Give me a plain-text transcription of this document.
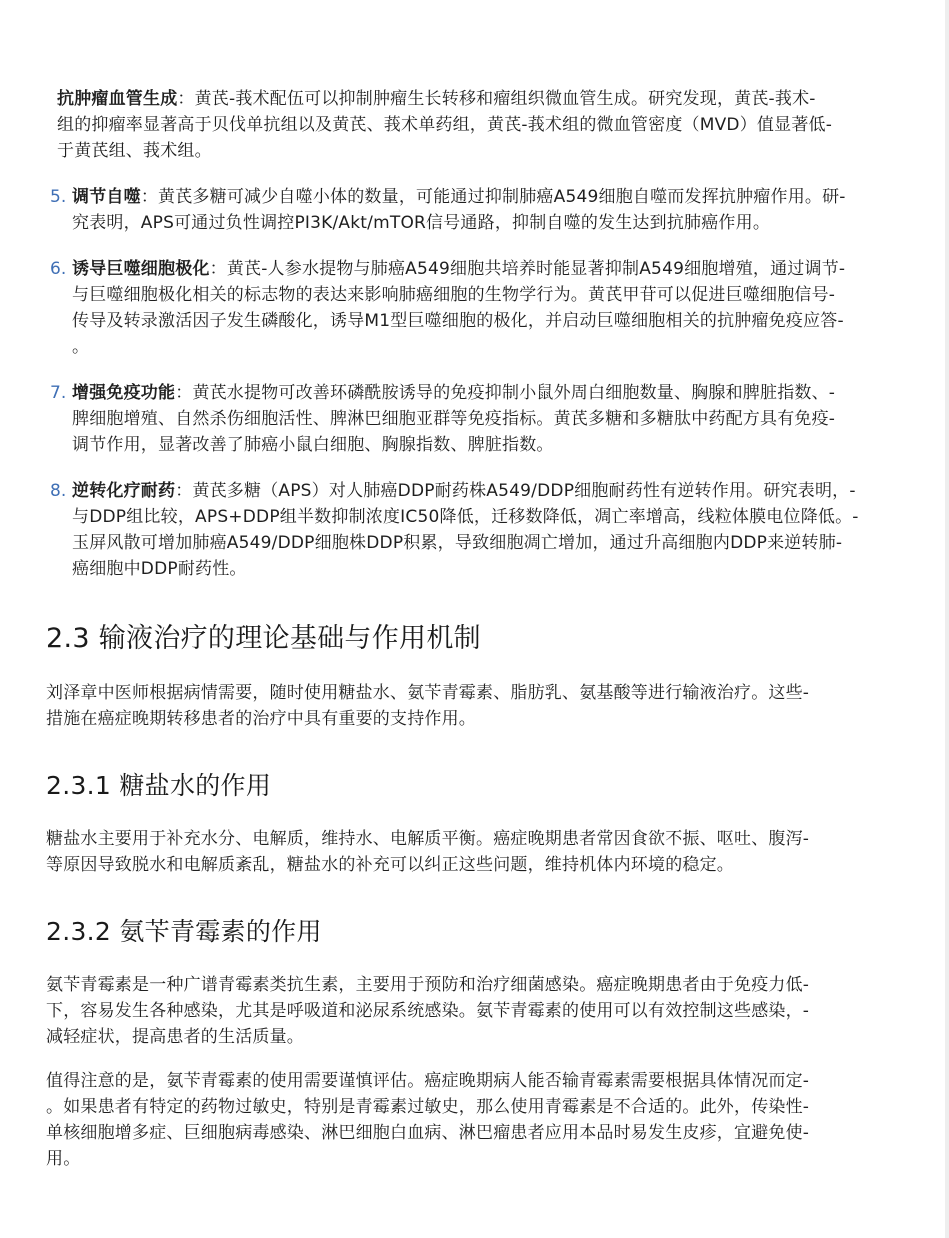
抗肿瘤血管生成：黄芪-莪术配伍可以抑制肿瘤生长转移和瘤组织微血管生成。研究发现，黄芪-莪术-
组的抑瘤率显著高于贝伐单抗组以及黄芪、莪术单药组，黄芪-莪术组的微血管密度（MVD）值显著低-
于黄芪组、莪术组。

5. 调节自噬：黄芪多糖可减少自噬小体的数量，可能通过抑制肺癌A549细胞自噬而发挥抗肿瘤作用。研-
究表明，APS可通过负性调控PI3K/Akt/mTOR信号通路，抑制自噬的发生达到抗肺癌作用。

6. 诱导巨噬细胞极化：黄芪-人参水提物与肺癌A549细胞共培养时能显著抑制A549细胞增殖，通过调节-
与巨噬细胞极化相关的标志物的表达来影响肺癌细胞的生物学行为。黄芪甲苷可以促进巨噬细胞信号-
传导及转录激活因子发生磷酸化，诱导M1型巨噬细胞的极化，并启动巨噬细胞相关的抗肿瘤免疫应答-
。

7. 增强免疫功能：黄芪水提物可改善环磷酰胺诱导的免疫抑制小鼠外周白细胞数量、胸腺和脾脏指数、-
脾细胞增殖、自然杀伤细胞活性、脾淋巴细胞亚群等免疫指标。黄芪多糖和多糖肽中药配方具有免疫-
调节作用，显著改善了肺癌小鼠白细胞、胸腺指数、脾脏指数。

8. 逆转化疗耐药：黄芪多糖（APS）对人肺癌DDP耐药株A549/DDP细胞耐药性有逆转作用。研究表明，-
与DDP组比较，APS+DDP组半数抑制浓度IC50降低，迁移数降低，凋亡率增高，线粒体膜电位降低。-
玉屏风散可增加肺癌A549/DDP细胞株DDP积累，导致细胞凋亡增加，通过升高细胞内DDP来逆转肺-
癌细胞中DDP耐药性。

2.3 输液治疗的理论基础与作用机制

刘泽章中医师根据病情需要，随时使用糖盐水、氨苄青霉素、脂肪乳、氨基酸等进行输液治疗。这些-
措施在癌症晚期转移患者的治疗中具有重要的支持作用。

2.3.1 糖盐水的作用

糖盐水主要用于补充水分、电解质，维持水、电解质平衡。癌症晚期患者常因食欲不振、呕吐、腹泻-
等原因导致脱水和电解质紊乱，糖盐水的补充可以纠正这些问题，维持机体内环境的稳定。

2.3.2 氨苄青霉素的作用

氨苄青霉素是一种广谱青霉素类抗生素，主要用于预防和治疗细菌感染。癌症晚期患者由于免疫力低-
下，容易发生各种感染，尤其是呼吸道和泌尿系统感染。氨苄青霉素的使用可以有效控制这些感染，-
减轻症状，提高患者的生活质量。

值得注意的是，氨苄青霉素的使用需要谨慎评估。癌症晚期病人能否输青霉素需要根据具体情况而定-
。如果患者有特定的药物过敏史，特别是青霉素过敏史，那么使用青霉素是不合适的。此外，传染性-
单核细胞增多症、巨细胞病毒感染、淋巴细胞白血病、淋巴瘤患者应用本品时易发生皮疹，宜避免使-
用。
